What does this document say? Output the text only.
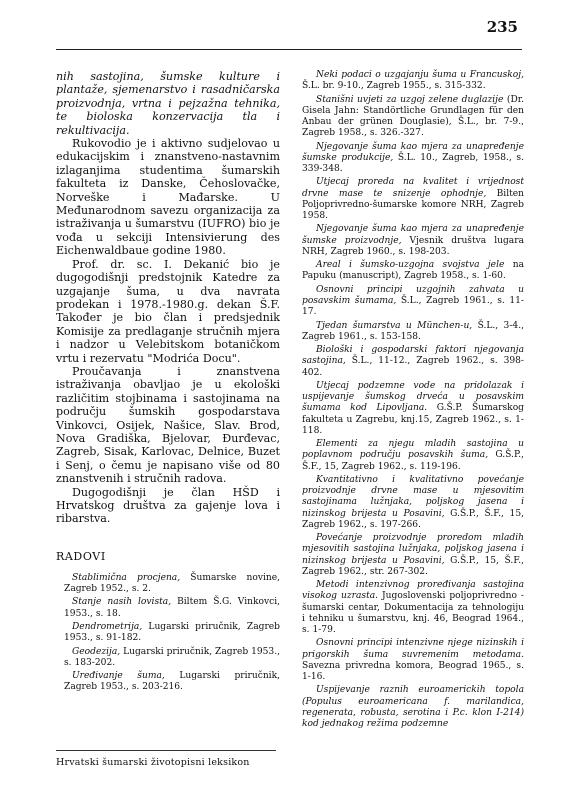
235

nih sastojina, šumske kulture i plantaže, sjemenarstvo i rasadničarska proizvodnja, vrtna i pejzažna tehnika, te bioloska konzervacija tla i rekultivacija.

Rukovodio je i aktivno sudjelovao u edukacijskim i znanstveno-nastavnim izlaganjima studentima šumarskih fakulteta iz Danske, Čehoslovačke, Norveške i Mađarske. U Međunarodnom savezu organizacija za istraživanja u šumarstvu (IUFRO) bio je vođa u sekciji Intensivierung des Eichenwaldbaue godine 1980.

Prof. dr. sc. I. Dekanić bio je dugogodišnji predstojnik Katedre za uzgajanje šuma, u dva navrata prodekan i 1978.-1980.g. dekan Š.F. Također je bio član i predsjednik Komisije za predlaganje stručnih mjera i nadzor u Velebitskom botaničkom vrtu i rezervatu "Modrića Docu".

Proučavanja i znanstvena istraživanja obavljao je u ekološki različitim stojbinama i sastojinama na području šumskih gospodarstava Vinkovci, Osijek, Našice, Slav. Brod, Nova Gradiška, Bjelovar, Đurđevac, Zagreb, Sisak, Karlovac, Delnice, Buzet i Senj, o čemu je napisano više od 80 znanstvenih i stručnih radova.

Dugogodišnji je član HŠD i Hrvatskog društva za gajenje lova i ribarstva.

RADOVI

Stablimična procjena, Šumarske novine, Zagreb 1952., s. 2.

Stanje nasih lovista, Biltem Š.G. Vinkovci, 1953., s. 18.

Dendrometrija, Lugarski priručnik, Zagreb 1953., s. 91-182.

Geodezija, Lugarski priručnik, Zagreb 1953., s. 183-202.

Uređivanje šuma, Lugarski priručnik, Zagreb 1953., s. 203-216.

Neki podaci o uzgajanju šuma u Francuskoj, Š.L. br. 9-10., Zagreb 1955., s. 315-332.

Stanišni uvjeti za uzgoj zelene duglazije (Dr. Gisela Jahn: Standörtliche Grundlagen für den Anbau der grünen Douglasie), Š.L., br. 7-9., Zagreb 1958., s. 326.-327.

Njegovanje šuma kao mjera za unapređenje šumske produkcije, Š.L. 10., Zagreb, 1958., s. 339-348.

Utjecaj proreda na kvalitet i vrijednost drvne mase te snizenje ophodnje, Bilten Poljoprivredno-šumarske komore NRH, Zagreb 1958.

Njegovanje šuma kao mjera za unapređenje šumske proizvodnje, Vjesnik društva lugara NRH, Zagreb 1960., s. 198-203.

Areal i šumsko-uzgojna svojstva jele na Papuku (manuscript), Zagreb 1958., s. 1-60.

Osnovni principi uzgojnih zahvata u posavskim šumama, Š.L., Zagreb 1961., s. 11-17.

Tjedan šumarstva u München-u, Š.L., 3-4., Zagreb 1961., s. 153-158.

Biološki i gospodarski faktori njegovanja sastojina, Š.L., 11-12., Zagreb 1962., s. 398-402.

Utjecaj podzemne vode na pridolazak i uspijevanje šumskog drveća u posavskim šumama kod Lipovljana. G.Š.P. Šumarskog fakulteta u Zagrebu, knj.15, Zagreb 1962., s. 1-118.

Elementi za njegu mladih sastojina u poplavnom području posavskih šuma, G.Š.P., Š.F., 15, Zagreb 1962., s. 119-196.

Kvantitativno i kvalitativno povećanje proizvodnje drvne mase u mjesovitim sastojinama lužnjaka, poljskog jasena i nizinskog brijesta u Posavini, G.Š.P., Š.F., 15, Zagreb 1962., s. 197-266.

Povećanje proizvodnje proredom mladih mjesovitih sastojina lužnjaka, poljskog jasena i nizinskog brijesta u Posavini, G.Š.P., 15, Š.F., Zagreb 1962., str. 267-302.

Metodi intenzivnog proređivanja sastojina visokog uzrasta. Jugoslovenski poljoprivredno - šumarski centar, Dokumentacija za tehnologiju i tehniku u šumarstvu, knj. 46, Beograd 1964., s. 1-79.

Osnovni principi intenzivne njege nizinskih i prigorskih šuma suvremenim metodama. Savezna privredna komora, Beograd 1965., s. 1-16.

Uspijevanje raznih euroamerickih topola (Populus euroamericana f. marilandica, regenerata, robusta, serotina i P.c. klon I-214) kod jednakog režima podzemne

Hrvatski šumarski životopisni leksikon
